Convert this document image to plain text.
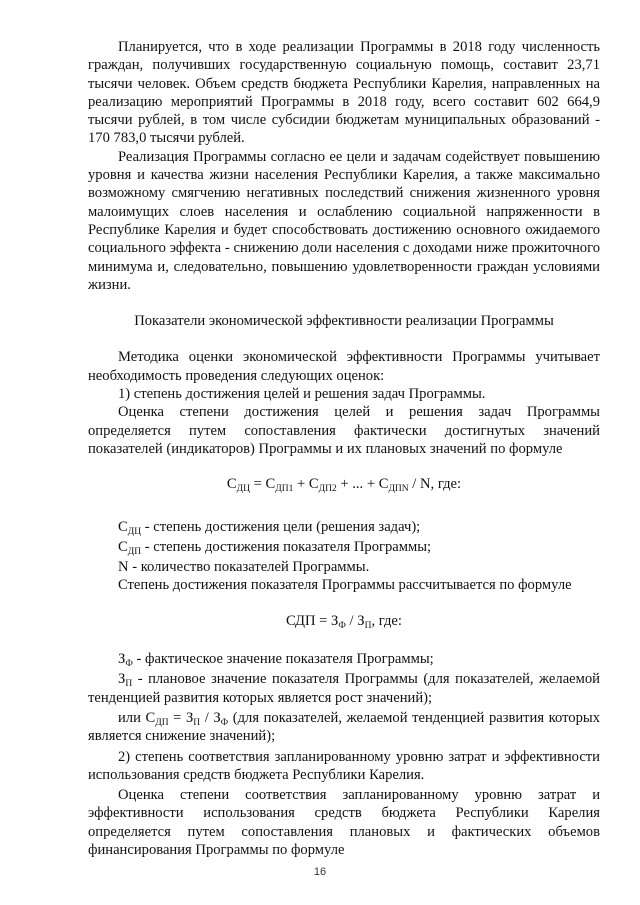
Планируется, что в ходе реализации Программы в 2018 году численность граждан, получивших государственную социальную помощь, составит 23,71 тысячи человек. Объем средств бюджета Республики Карелия, направленных на реализацию мероприятий Программы в 2018 году, всего составит 602 664,9 тысячи рублей, в том числе субсидии бюджетам муниципальных образований - 170 783,0 тысячи рублей.

Реализация Программы согласно ее цели и задачам содействует повышению уровня и качества жизни населения Республики Карелия, а также максимально возможному смягчению негативных последствий снижения жизненного уровня малоимущих слоев населения и ослаблению социальной напряженности в Республике Карелия и будет способствовать достижению основного ожидаемого социального эффекта - снижению доли населения с доходами ниже прожиточного минимума и, следовательно, повышению удовлетворенности граждан условиями жизни.

Показатели экономической эффективности реализации Программы

Методика оценки экономической эффективности Программы учитывает необходимость проведения следующих оценок:

1) степень достижения целей и решения задач Программы.

Оценка степени достижения целей и решения задач Программы определяется путем сопоставления фактически достигнутых значений показателей (индикаторов) Программы и их плановых значений по формуле

$С_{ДЦ} = С_{ДП1} + С_{ДП2}$ + ... + $С_{ДПN}$ / N, где:

$С_{ДЦ}$ - степень достижения цели (решения задач);

$С_{ДП}$ - степень достижения показателя Программы;

N - количество показателей Программы.

Степень достижения показателя Программы рассчитывается по формуле

СДП = $З_Ф / З_П$, где:

$З_Ф$ - фактическое значение показателя Программы;

$З_П$ - плановое значение показателя Программы (для показателей, желаемой тенденцией развития которых является рост значений);

или $С_{ДП} = З_П / З_Ф$ (для показателей, желаемой тенденцией развития которых является снижение значений);

2) степень соответствия запланированному уровню затрат и эффективности использования средств бюджета Республики Карелия.

Оценка степени соответствия запланированному уровню затрат и эффективности использования средств бюджета Республики Карелия определяется путем сопоставления плановых и фактических объемов финансирования Программы по формуле

16
